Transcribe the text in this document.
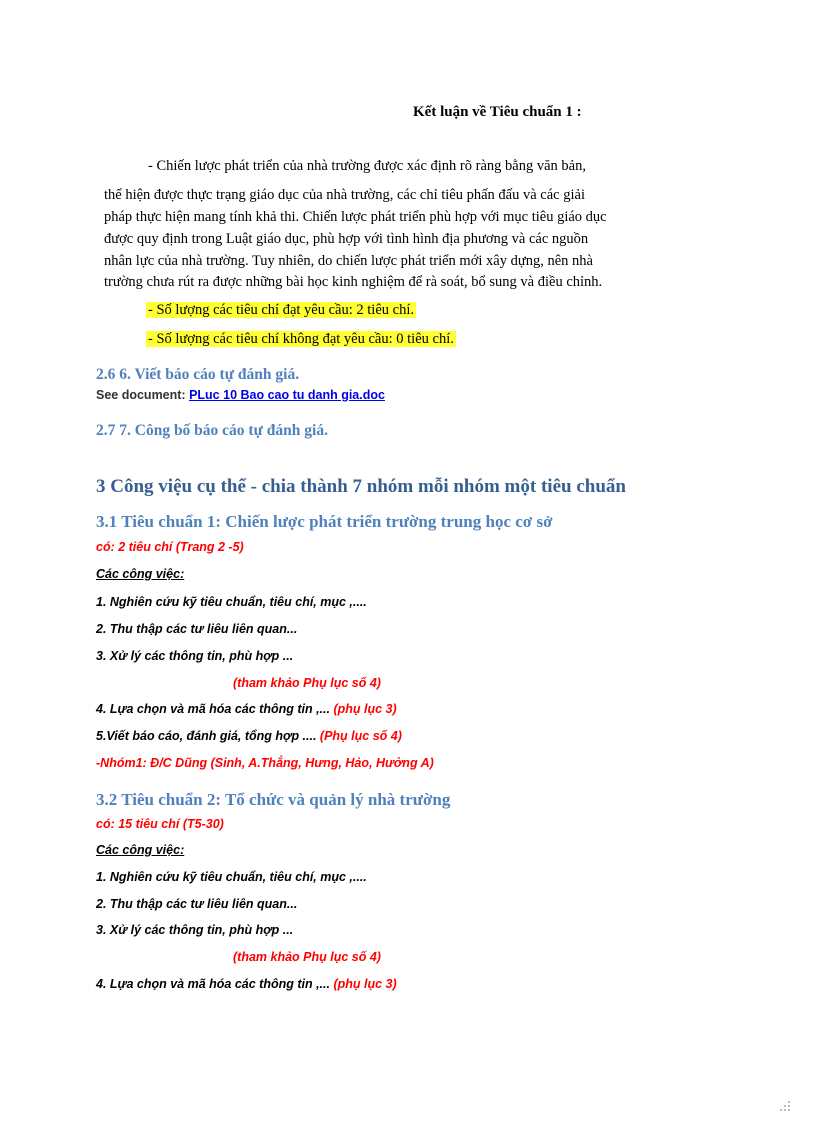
Kết luận về Tiêu chuẩn 1 :
- Chiến lược phát triển của nhà trường được xác định rõ ràng bằng văn bản,
thể hiện được thực trạng giáo dục của nhà trường, các chỉ tiêu phấn đấu và các giải
pháp thực hiện mang tính khả thi. Chiến lược phát triển phù hợp với mục tiêu giáo dục
được quy định trong Luật giáo dục, phù hợp với tình hình địa phương và các nguồn
nhân lực của nhà trường. Tuy nhiên, do chiến lược phát triển mới xây dựng, nên nhà
trường chưa rút ra được những bài học kinh nghiệm để rà soát, bổ sung và điều chỉnh.
- Số lượng các tiêu chí đạt yêu cầu: 2 tiêu chí.
- Số lượng các tiêu chí không đạt yêu cầu: 0 tiêu chí.
2.6 6. Viết báo cáo tự đánh giá.
See document: PLuc 10 Bao cao tu danh gia.doc
2.7 7. Công bố báo cáo tự đánh giá.
3 Công việu cụ thể - chia thành 7 nhóm mỗi nhóm một tiêu chuẩn
3.1 Tiêu chuẩn 1: Chiến lược phát triển trường trung học cơ sở
có: 2 tiêu chí (Trang 2 -5)
Các công việc:
1. Nghiên cứu kỹ tiêu chuẩn, tiêu chí, mục ,....
2. Thu thập các tư liêu liên quan...
3. Xử lý các thông tin, phù hợp ...
(tham khảo Phụ lục số 4)
4. Lựa chọn và mã hóa các thông tin ,... (phụ lục 3)
5.Viết báo cáo, đánh giá, tổng hợp .... (Phụ lục số 4)
-Nhóm1: Đ/C Dũng (Sinh, A.Thắng, Hưng, Hảo, Hưởng A)
3.2 Tiêu chuẩn 2: Tổ chức và quản lý nhà trường
có: 15 tiêu chí (T5-30)
Các công việc:
1. Nghiên cứu kỹ tiêu chuẩn, tiêu chí, mục ,....
2. Thu thập các tư liêu liên quan...
3. Xử lý các thông tin, phù hợp ...
(tham khảo Phụ lục số 4)
4. Lựa chọn và mã hóa các thông tin ,... (phụ lục 3)
